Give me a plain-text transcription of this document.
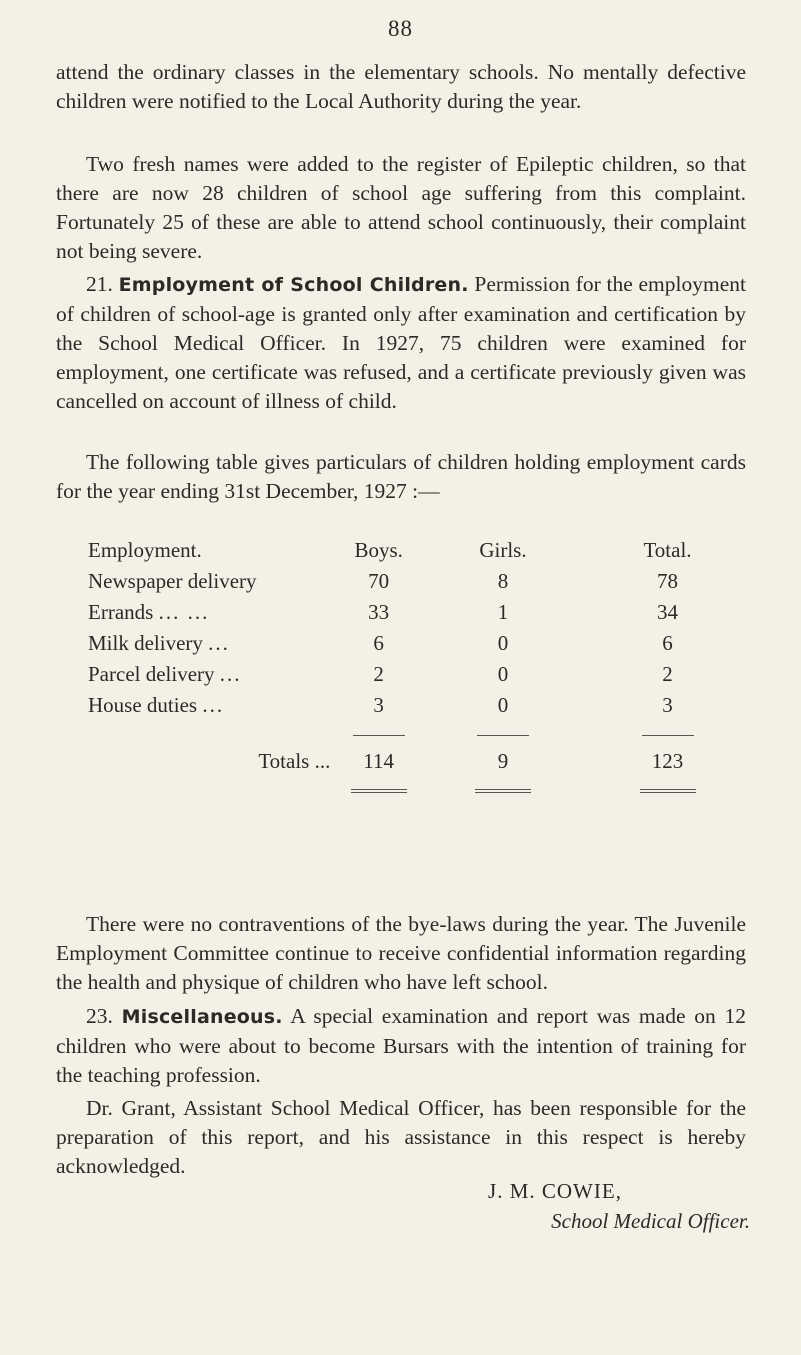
88

attend the ordinary classes in the elementary schools. No mentally defective children were notified to the Local Authority during the year.

Two fresh names were added to the register of Epileptic children, so that there are now 28 children of school age suffering from this complaint. Fortunately 25 of these are able to attend school continuously, their complaint not being severe.

21. Employment of School Children. Permission for the employment of children of school-age is granted only after examination and certification by the School Medical Officer. In 1927, 75 children were examined for employment, one certificate was refused, and a certificate previously given was cancelled on account of illness of child.

The following table gives particulars of children holding employment cards for the year ending 31st December, 1927 :—

Employment.	Boys.	Girls.	Total.
Newspaper delivery	70	8	78
Errands ... ...	33	1	34
Milk delivery ...	6	0	6
Parcel delivery ...	2	0	2
House duties ...	3	0	3

Totals ...	114	9	123

There were no contraventions of the bye-laws during the year. The Juvenile Employment Committee continue to receive confidential information regarding the health and physique of children who have left school.

23. Miscellaneous. A special examination and report was made on 12 children who were about to become Bursars with the intention of training for the teaching profession.

Dr. Grant, Assistant School Medical Officer, has been responsible for the preparation of this report, and his assistance in this respect is hereby acknowledged.

J. M. COWIE,
School Medical Officer.
